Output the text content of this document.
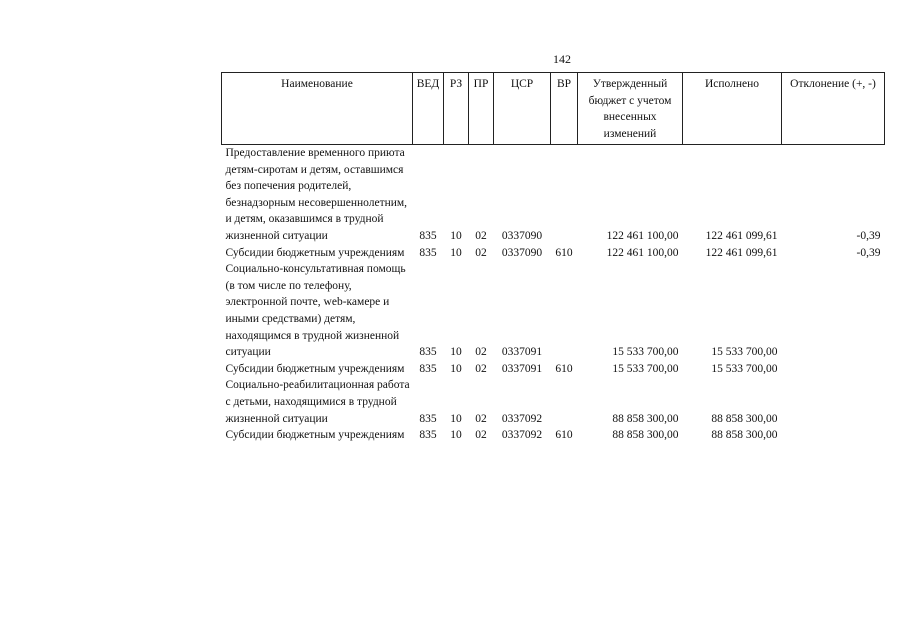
142
Наименование	ВЕД	РЗ	ПР	ЦСР	ВР	Утвержденный бюджет с учетом внесенных изменений	Исполнено	Отклонение (+, -)
Предоставление временного приюта детям-сиротам и детям, оставшимся без попечения родителей, безнадзорным несовершеннолетним, и детям, оказавшимся в трудной жизненной ситуации	835	10	02	0337090		122 461 100,00	122 461 099,61	-0,39
Субсидии бюджетным учреждениям	835	10	02	0337090	610	122 461 100,00	122 461 099,61	-0,39
Социально-консультативная помощь (в том числе по телефону, электронной почте, web-камере и иными средствами) детям, находящимся в трудной жизненной ситуации	835	10	02	0337091		15 533 700,00	15 533 700,00	
Субсидии бюджетным учреждениям	835	10	02	0337091	610	15 533 700,00	15 533 700,00	
Социально-реабилитационная работа с детьми, находящимися в трудной жизненной ситуации	835	10	02	0337092		88 858 300,00	88 858 300,00	
Субсидии бюджетным учреждениям	835	10	02	0337092	610	88 858 300,00	88 858 300,00	
